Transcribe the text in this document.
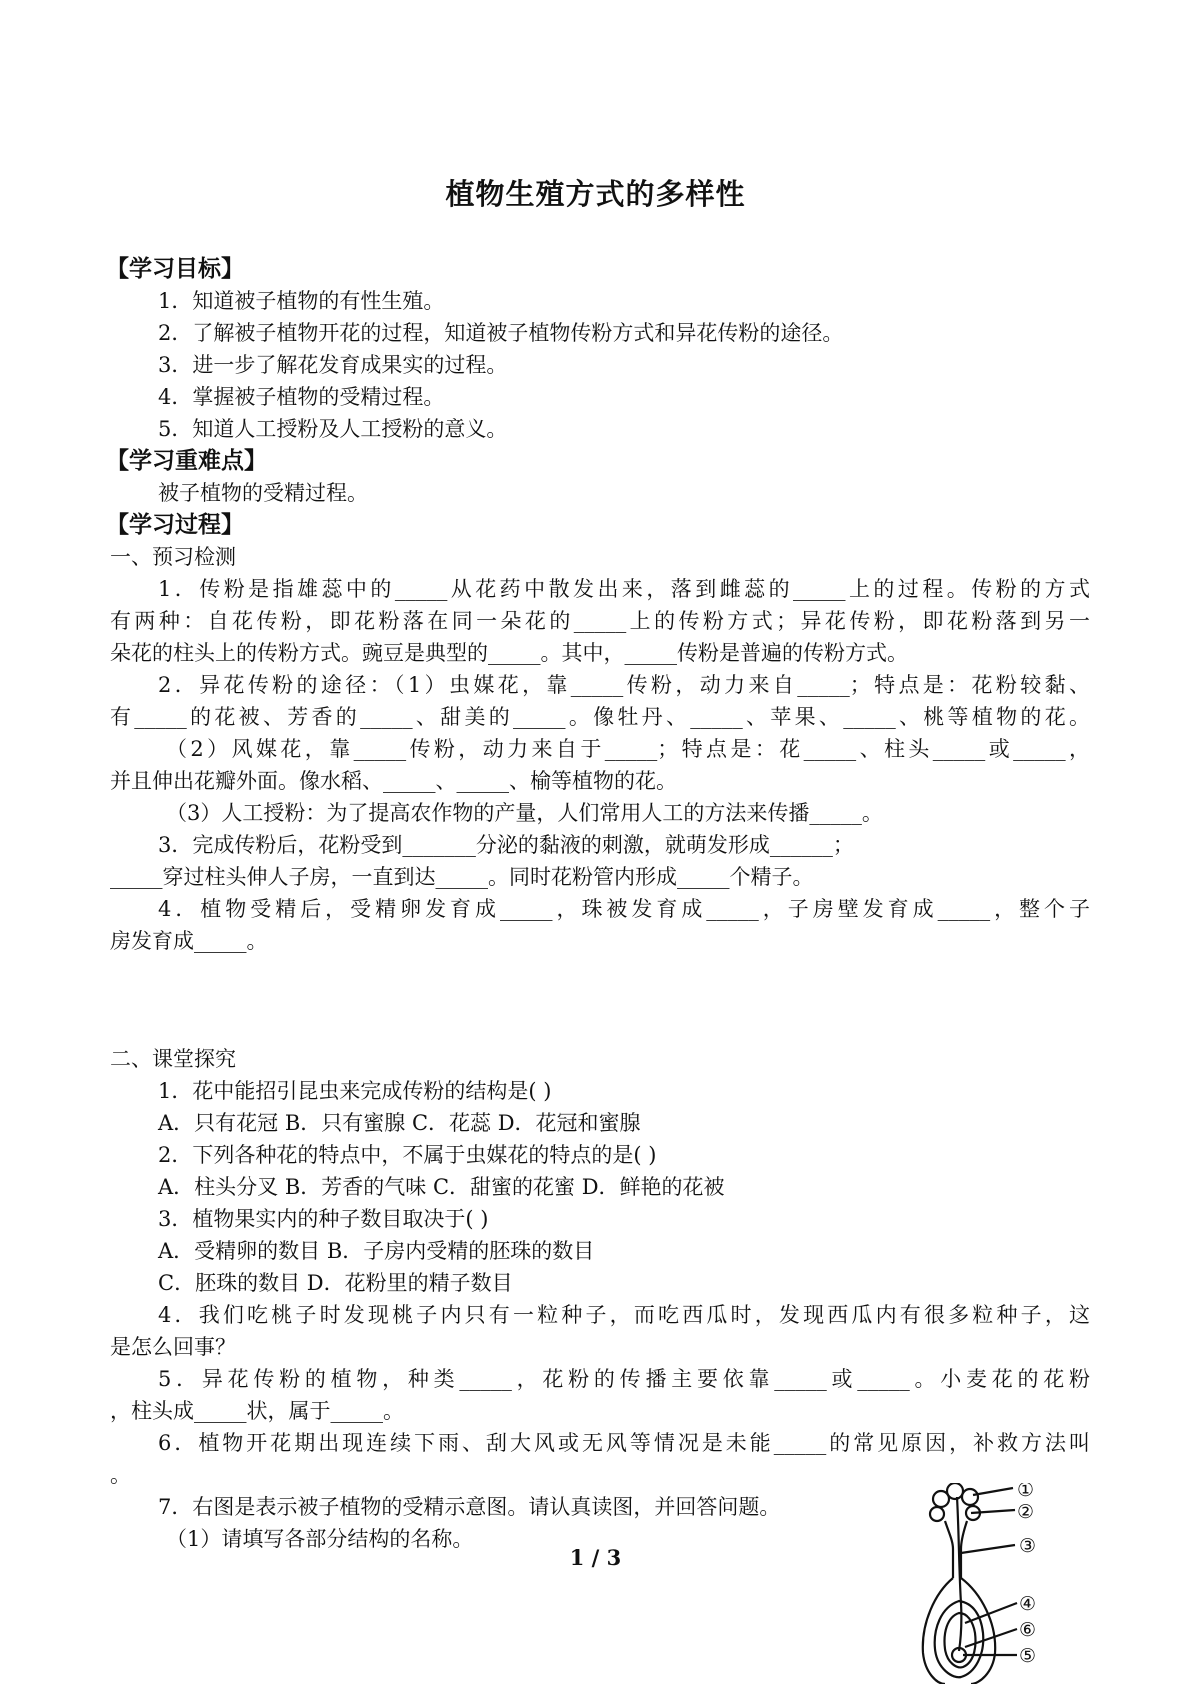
植物生殖方式的多样性
【学习目标】
1．知道被子植物的有性生殖。
2．了解被子植物开花的过程，知道被子植物传粉方式和异花传粉的途径。
3．进一步了解花发育成果实的过程。
4．掌握被子植物的受精过程。
5．知道人工授粉及人工授粉的意义。
【学习重难点】
被子植物的受精过程。
【学习过程】
一、预习检测
1．传粉是指雄蕊中的_____从花药中散发出来，落到雌蕊的_____上的过程。传粉的方式
有两种：自花传粉，即花粉落在同一朵花的_____上的传粉方式；异花传粉，即花粉落到另一
朵花的柱头上的传粉方式。豌豆是典型的_____。其中，_____传粉是普遍的传粉方式。
2．异花传粉的途径：（1）虫媒花，靠_____传粉，动力来自_____；特点是：花粉较黏、
有_____的花被、芳香的_____、甜美的_____。像牡丹、_____、苹果、_____、桃等植物的花。
（2）风媒花，靠_____传粉，动力来自于_____；特点是：花_____、柱头_____或_____，
并且伸出花瓣外面。像水稻、_____、_____、榆等植物的花。
（3）人工授粉：为了提高农作物的产量，人们常用人工的方法来传播_____。
3．完成传粉后，花粉受到_______分泌的黏液的刺激，就萌发形成______；
_____穿过柱头伸人子房，一直到达_____。同时花粉管内形成_____个精子。
4．植物受精后，受精卵发育成_____，珠被发育成_____，子房壁发育成_____，整个子
房发育成_____。
二、课堂探究
1．花中能招引昆虫来完成传粉的结构是( )
A．只有花冠 B．只有蜜腺 C．花蕊 D．花冠和蜜腺
2．下列各种花的特点中，不属于虫媒花的特点的是( )
A．柱头分叉 B．芳香的气味 C．甜蜜的花蜜 D．鲜艳的花被
3．植物果实内的种子数目取决于( )
A．受精卵的数目 B．子房内受精的胚珠的数目
C．胚珠的数目 D．花粉里的精子数目
4．我们吃桃子时发现桃子内只有一粒种子，而吃西瓜时，发现西瓜内有很多粒种子，这
是怎么回事？
5．异花传粉的植物，种类_____，花粉的传播主要依靠_____或_____。小麦花的花粉
，柱头成_____状，属于_____。
6．植物开花期出现连续下雨、刮大风或无风等情况是未能_____的常见原因，补救方法叫
。
7．右图是表示被子植物的受精示意图。请认真读图，并回答问题。
（1）请填写各部分结构的名称。
①
②
③
④
⑥
⑤
1 / 3
